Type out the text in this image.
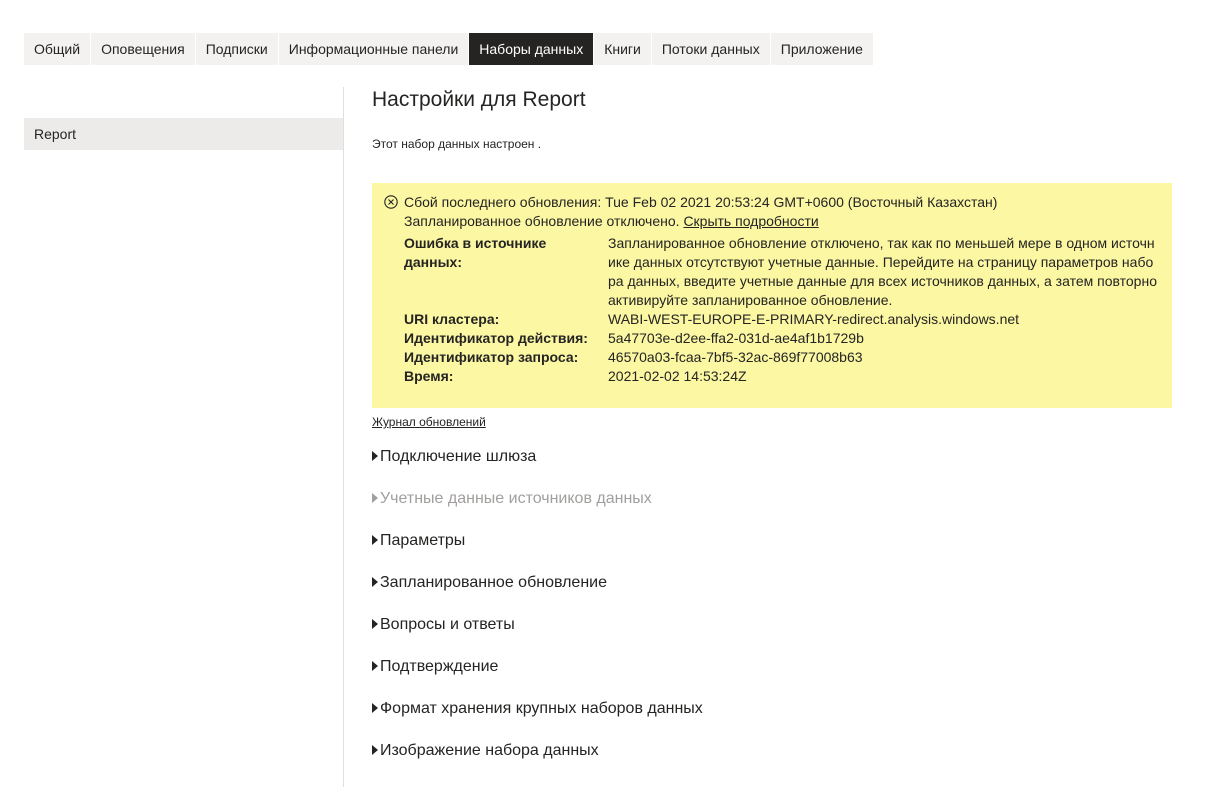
Общий	Оповещения	Подписки	Информационные панели	Наборы данных	Книги	Потоки данных	Приложение
Report
Настройки для Report
Этот набор данных настроен .
Сбой последнего обновления: Tue Feb 02 2021 20:53:24 GMT+0600 (Восточный Казахстан)
Запланированное обновление отключено. Скрыть подробности
Ошибка в источнике данных:
Запланированное обновление отключено, так как по меньшей мере в одном источнике данных отсутствуют учетные данные. Перейдите на страницу параметров набора данных, введите учетные данные для всех источников данных, а затем повторно активируйте запланированное обновление.
URI кластера:	WABI-WEST-EUROPE-E-PRIMARY-redirect.analysis.windows.net
Идентификатор действия:	5a47703e-d2ee-ffa2-031d-ae4af1b1729b
Идентификатор запроса:	46570a03-fcaa-7bf5-32ac-869f77008b63
Время:	2021-02-02 14:53:24Z
Журнал обновлений
Подключение шлюза
Учетные данные источников данных
Параметры
Запланированное обновление
Вопросы и ответы
Подтверждение
Формат хранения крупных наборов данных
Изображение набора данных
